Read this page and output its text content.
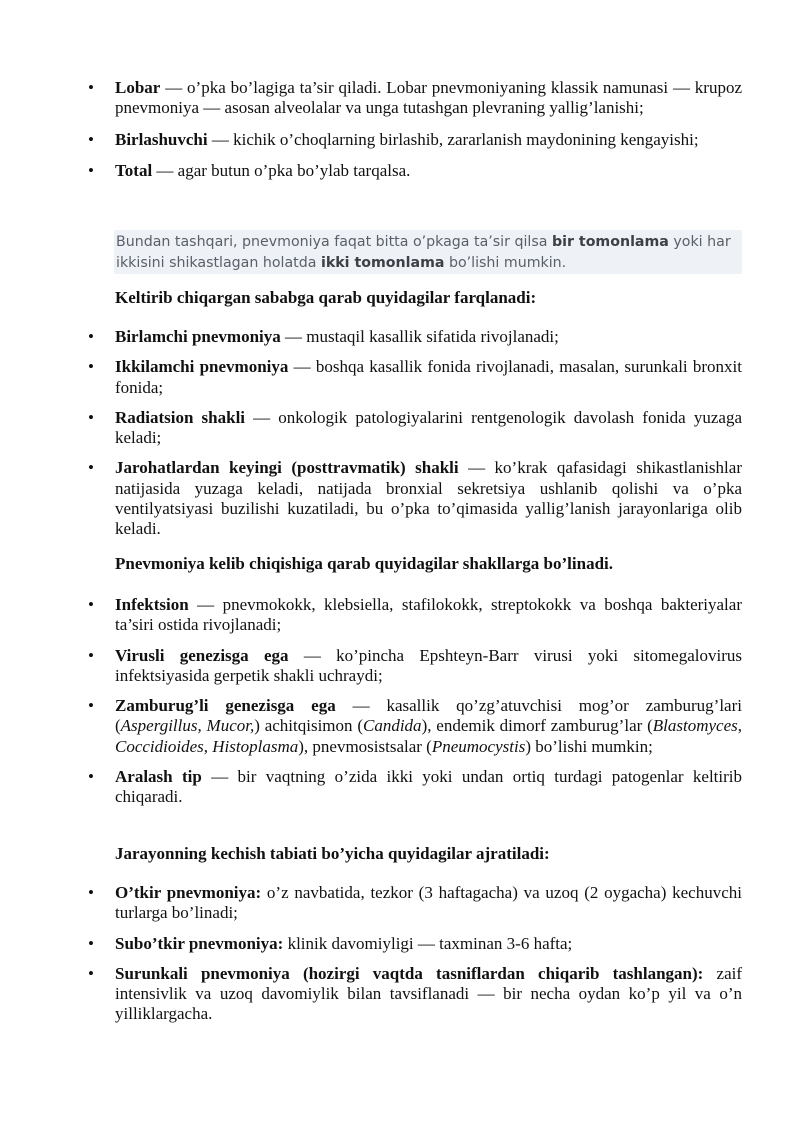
• Lobar — o’pka bo’lagiga ta’sir qiladi. Lobar pnevmoniyaning klassik namunasi — krupoz pnevmoniya — asosan alveolalar va unga tutashgan plevraning yallig’lanishi;
• Birlashuvchi — kichik o’choqlarning birlashib, zararlanish maydonining kengayishi;
• Total — agar butun o’pka bo’ylab tarqalsa.

Bundan tashqari, pnevmoniya faqat bitta o’pkaga ta’sir qilsa bir tomonlama yoki har ikkisini shikastlagan holatda ikki tomonlama bo’lishi mumkin.

Keltirib chiqargan sababga qarab quyidagilar farqlanadi:

• Birlamchi pnevmoniya — mustaqil kasallik sifatida rivojlanadi;
• Ikkilamchi pnevmoniya — boshqa kasallik fonida rivojlanadi, masalan, surunkali bronxit fonida;
• Radiatsion shakli — onkologik patologiyalarini rentgenologik davolash fonida yuzaga keladi;
• Jarohatlardan keyingi (posttravmatik) shakli — ko’krak qafasidagi shikastlanishlar natijasida yuzaga keladi, natijada bronxial sekretsiya ushlanib qolishi va o’pka ventilyatsiyasi buzilishi kuzatiladi, bu o’pka to’qimasida yallig’lanish jarayonlariga olib keladi.

Pnevmoniya kelib chiqishiga qarab quyidagilar shakllarga bo’linadi.

• Infektsion — pnevmokokk, klebsiella, stafilokokk, streptokokk va boshqa bakteriyalar ta’siri ostida rivojlanadi;
• Virusli genezisga ega — ko’pincha Epshteyn-Barr virusi yoki sitomegalovirus infektsiyasida gerpetik shakli uchraydi;
• Zamburug’li genezisga ega — kasallik qo’zg’atuvchisi mog’or zamburug’lari (Aspergillus, Mucor,) achitqisimon (Candida), endemik dimorf zamburug’lar (Blastomyces, Coccidioides, Histoplasma), pnevmosistsalar (Pneumocystis) bo’lishi mumkin;
• Aralash tip — bir vaqtning o’zida ikki yoki undan ortiq turdagi patogenlar keltirib chiqaradi.

Jarayonning kechish tabiati bo’yicha quyidagilar ajratiladi:

• O’tkir pnevmoniya: o’z navbatida, tezkor (3 haftagacha) va uzoq (2 oygacha) kechuvchi turlarga bo’linadi;
• Subo’tkir pnevmoniya: klinik davomiyligi — taxminan 3-6 hafta;
• Surunkali pnevmoniya (hozirgi vaqtda tasniflardan chiqarib tashlangan): zaif intensivlik va uzoq davomiylik bilan tavsiflanadi — bir necha oydan ko’p yil va o’n yilliklargacha.
